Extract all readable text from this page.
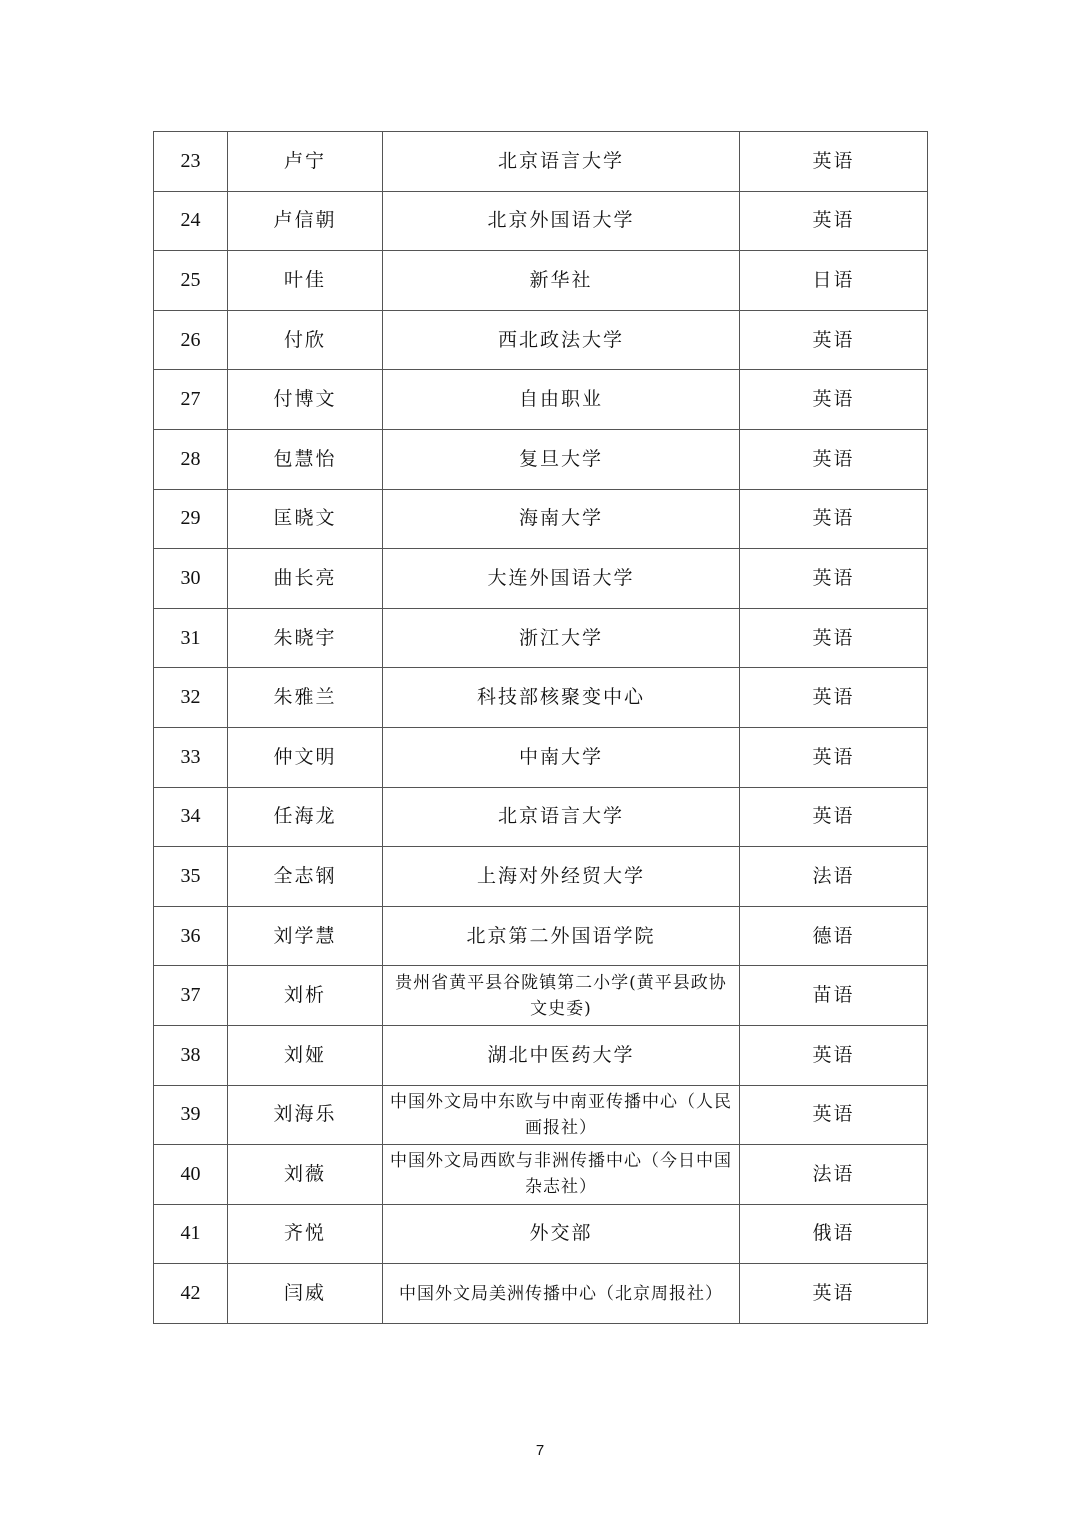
23	卢宁	北京语言大学	英语
24	卢信朝	北京外国语大学	英语
25	叶佳	新华社	日语
26	付欣	西北政法大学	英语
27	付博文	自由职业	英语
28	包慧怡	复旦大学	英语
29	匡晓文	海南大学	英语
30	曲长亮	大连外国语大学	英语
31	朱晓宇	浙江大学	英语
32	朱雅兰	科技部核聚变中心	英语
33	仲文明	中南大学	英语
34	任海龙	北京语言大学	英语
35	全志钢	上海对外经贸大学	法语
36	刘学慧	北京第二外国语学院	德语
37	刘析	贵州省黄平县谷陇镇第二小学(黄平县政协文史委)	苗语
38	刘娅	湖北中医药大学	英语
39	刘海乐	中国外文局中东欧与中南亚传播中心（人民画报社）	英语
40	刘薇	中国外文局西欧与非洲传播中心（今日中国杂志社）	法语
41	齐悦	外交部	俄语
42	闫威	中国外文局美洲传播中心（北京周报社）	英语
7
